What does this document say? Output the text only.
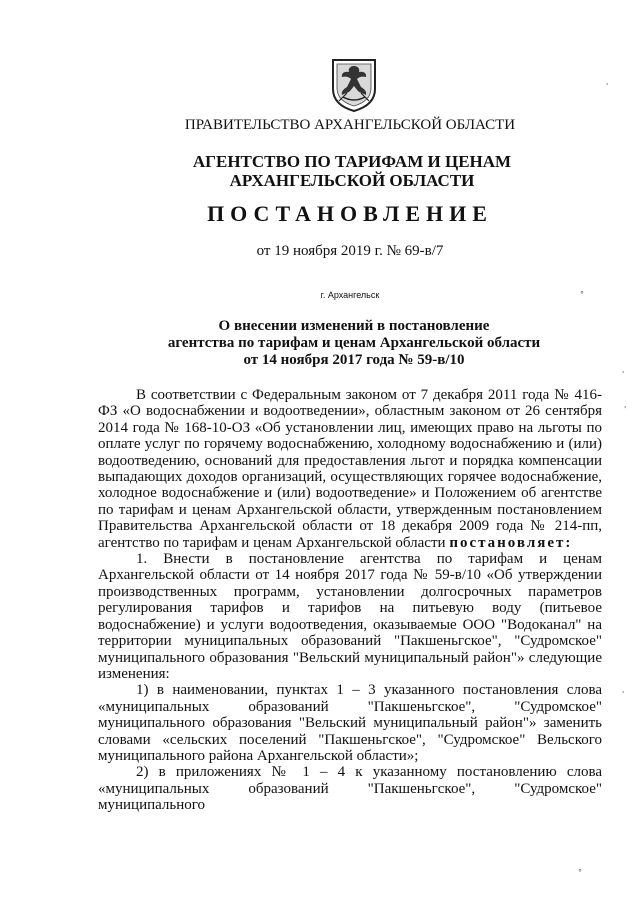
ПРАВИТЕЛЬСТВО АРХАНГЕЛЬСКОЙ ОБЛАСТИ
АГЕНТСТВО ПО ТАРИФАМ И ЦЕНАМ
АРХАНГЕЛЬСКОЙ ОБЛАСТИ
ПОСТАНОВЛЕНИЕ
от 19 ноября 2019 г. № 69-в/7
г. Архангельск
О внесении изменений в постановление
агентства по тарифам и ценам Архангельской области
от 14 ноября 2017 года № 59-в/10

В соответствии с Федеральным законом от 7 декабря 2011 года № 416-ФЗ «О водоснабжении и водоотведении», областным законом от 26 сентября 2014 года № 168-10-ОЗ «Об установлении лиц, имеющих право на льготы по оплате услуг по горячему водоснабжению, холодному водоснабжению и (или) водоотведению, оснований для предоставления льгот и порядка компенсации выпадающих доходов организаций, осуществляющих горячее водоснабжение, холодное водоснабжение и (или) водоотведение» и Положением об агентстве по тарифам и ценам Архангельской области, утвержденным постановлением Правительства Архангельской области от 18 декабря 2009 года № 214-пп, агентство по тарифам и ценам Архангельской области постановляет:

1. Внести в постановление агентства по тарифам и ценам Архангельской области от 14 ноября 2017 года № 59-в/10 «Об утверждении производственных программ, установлении долгосрочных параметров регулирования тарифов и тарифов на питьевую воду (питьевое водоснабжение) и услуги водоотведения, оказываемые ООО "Водоканал" на территории муниципальных образований "Пакшеньгское", "Судромское" муниципального образования "Вельский муниципальный район"» следующие изменения:

1) в наименовании, пунктах 1 – 3 указанного постановления слова «муниципальных образований "Пакшеньгское", "Судромское" муниципального образования "Вельский муниципальный район"» заменить словами «сельских поселений "Пакшеньгское", "Судромское" Вельского муниципального района Архангельской области»;

2) в приложениях № 1 – 4 к указанному постановлению слова «муниципальных образований "Пакшеньгское", "Судромское" муниципального

'
°
'
'
'
°
